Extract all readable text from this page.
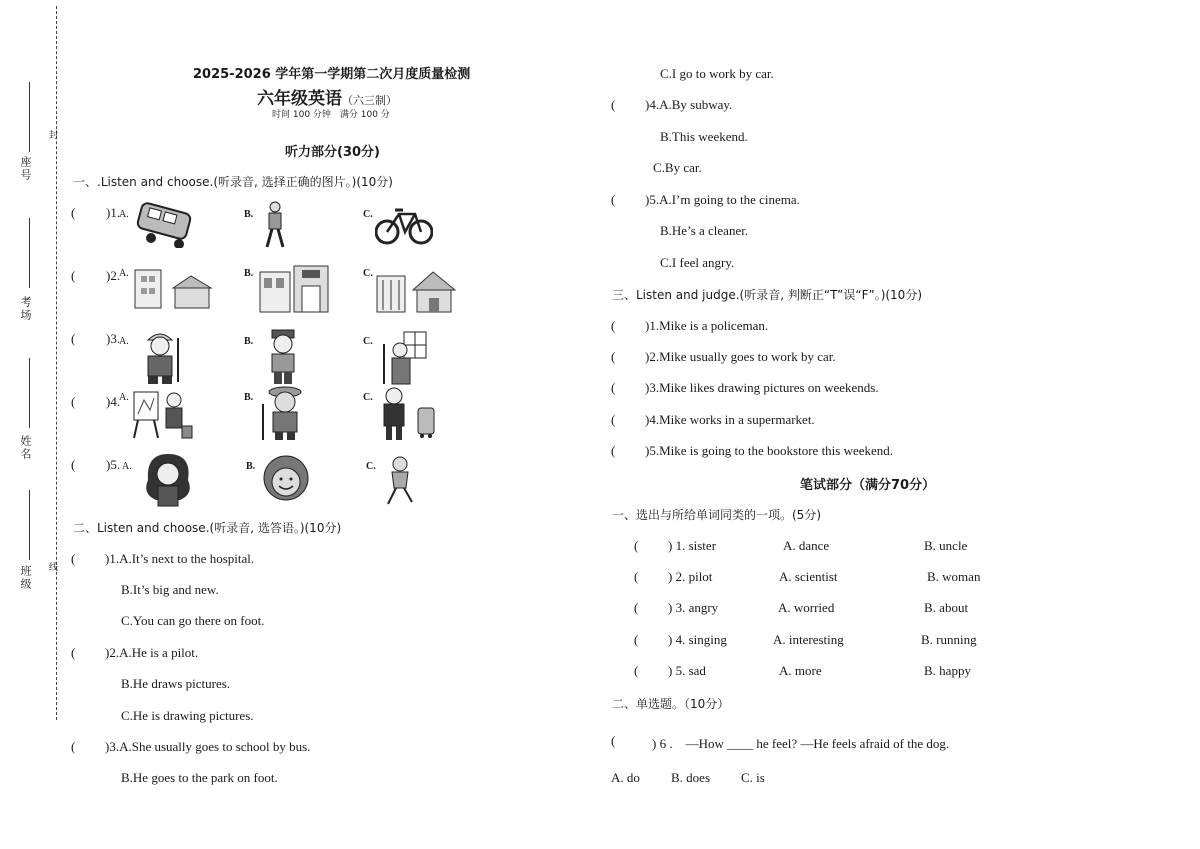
封
线
座号
考场
姓名
班级
2025-2026 学年第一学期第二次月度质量检测
六年级英语（六三制）
时间 100 分钟　满分 100 分
听力部分(30分)
一、.Listen and choose.(听录音, 选择正确的图片。)(10分)
( )1.
A.	B.	C.
( )2.
A.	B.	C.
( )3.
A.	B.	C.
( )4.
A.	B.	C.
( )5. A.	B.	C.
二、Listen and choose.(听录音, 选答语。)(10分)
( )1.A.It’s next to the hospital.
B.It’s big and new.
C.You can go there on foot.
( )2.A.He is a pilot.
B.He draws pictures.
C.He is drawing pictures.
( )3.A.She usually goes to school by bus.
B.He goes to the park on foot.
C.I go to work by car.
( )4.A.By subway.
B.This weekend.
C.By car.
( )5.A.I’m going to the cinema.
B.He’s a cleaner.
C.I feel angry.
三、Listen and judge.(听录音, 判断正“T”误“F”。)(10分)
( )1.Mike is a policeman.
( )2.Mike usually goes to work by car.
( )3.Mike likes drawing pictures on weekends.
( )4.Mike works in a supermarket.
( )5.Mike is going to the bookstore this weekend.
笔试部分（满分70分）
一、选出与所给单词同类的一项。(5分)
( ) 1. sister	A. dance	B. uncle
( ) 2. pilot	A. scientist	B. woman
( ) 3. angry	A. worried	B. about
( ) 4. singing	A. interesting	B. running
( ) 5. sad	A. more	B. happy
二、单选题。（10分）
(	) 6 .　—How ____ he feel? —He feels afraid of the dog.
A. do B. does C. is
